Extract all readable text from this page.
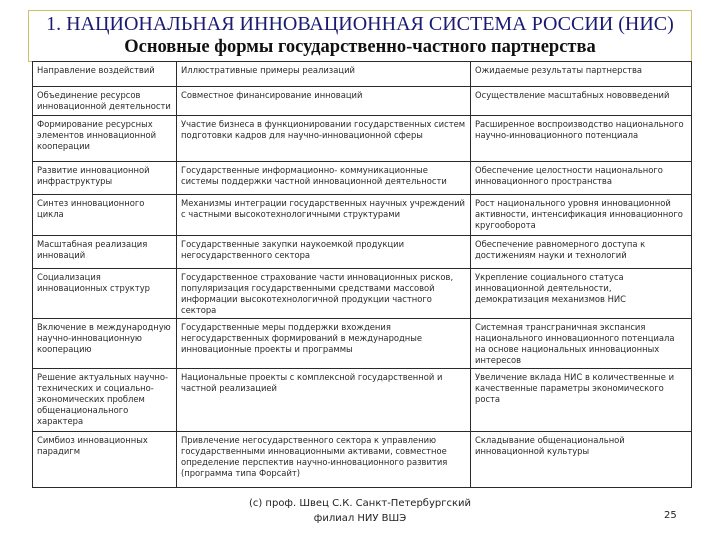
1. НАЦИОНАЛЬНАЯ ИННОВАЦИОННАЯ СИСТЕМА РОССИИ (НИС)
Основные формы государственно-частного партнерства
Направление воздействий	Иллюстративные примеры реализаций	Ожидаемые результаты партнерства
Объединение ресурсов инновационной деятельности	Совместное финансирование инноваций	Осуществление масштабных нововведений
Формирование ресурсных элементов инновационной кооперации	Участие бизнеса в функционировании государственных систем подготовки кадров для научно-инновационной сферы	Расширенное воспроизводство национального научно-инновационного потенциала
Развитие инновационной инфраструктуры	Государственные информационно- коммуникационные системы поддержки частной инновационной деятельности	Обеспечение целостности национального инновационного пространства
Синтез инновационного цикла	Механизмы интеграции государственных научных учреждений с частными высокотехнологичными структурами	Рост национального уровня инновационной активности, интенсификация инновационного кругооборота
Масштабная реализация инноваций	Государственные закупки наукоемкой продукции негосударственного сектора	Обеспечение равномерного доступа к достижениям науки и технологий
Социализация инновационных структур	Государственное страхование части инновационных рисков, популяризация государственными средствами массовой информации высокотехнологичной продукции частного сектора	Укрепление социального статуса инновационной деятельности, демократизация механизмов НИС
Включение в международную научно-инновационную кооперацию	Государственные меры поддержки вхождения негосударственных формирований в международные инновационные проекты и программы	Системная трансграничная экспансия национального инновационного потенциала на основе национальных инновационных интересов
Решение актуальных научно-технических и социально-экономических проблем общенационального характера	Национальные проекты с комплексной государственной и частной реализацией	Увеличение вклада НИС в количественные и качественные параметры экономического роста
Симбиоз инновационных парадигм	Привлечение негосударственного сектора к управлению государственными инновационными активами, совместное определение перспектив научно-инновационного развития (программа типа Форсайт)	Складывание общенациональной инновационной культуры
(c) проф. Швец С.К. Санкт-Петербургский
филиал НИУ ВШЭ	25
